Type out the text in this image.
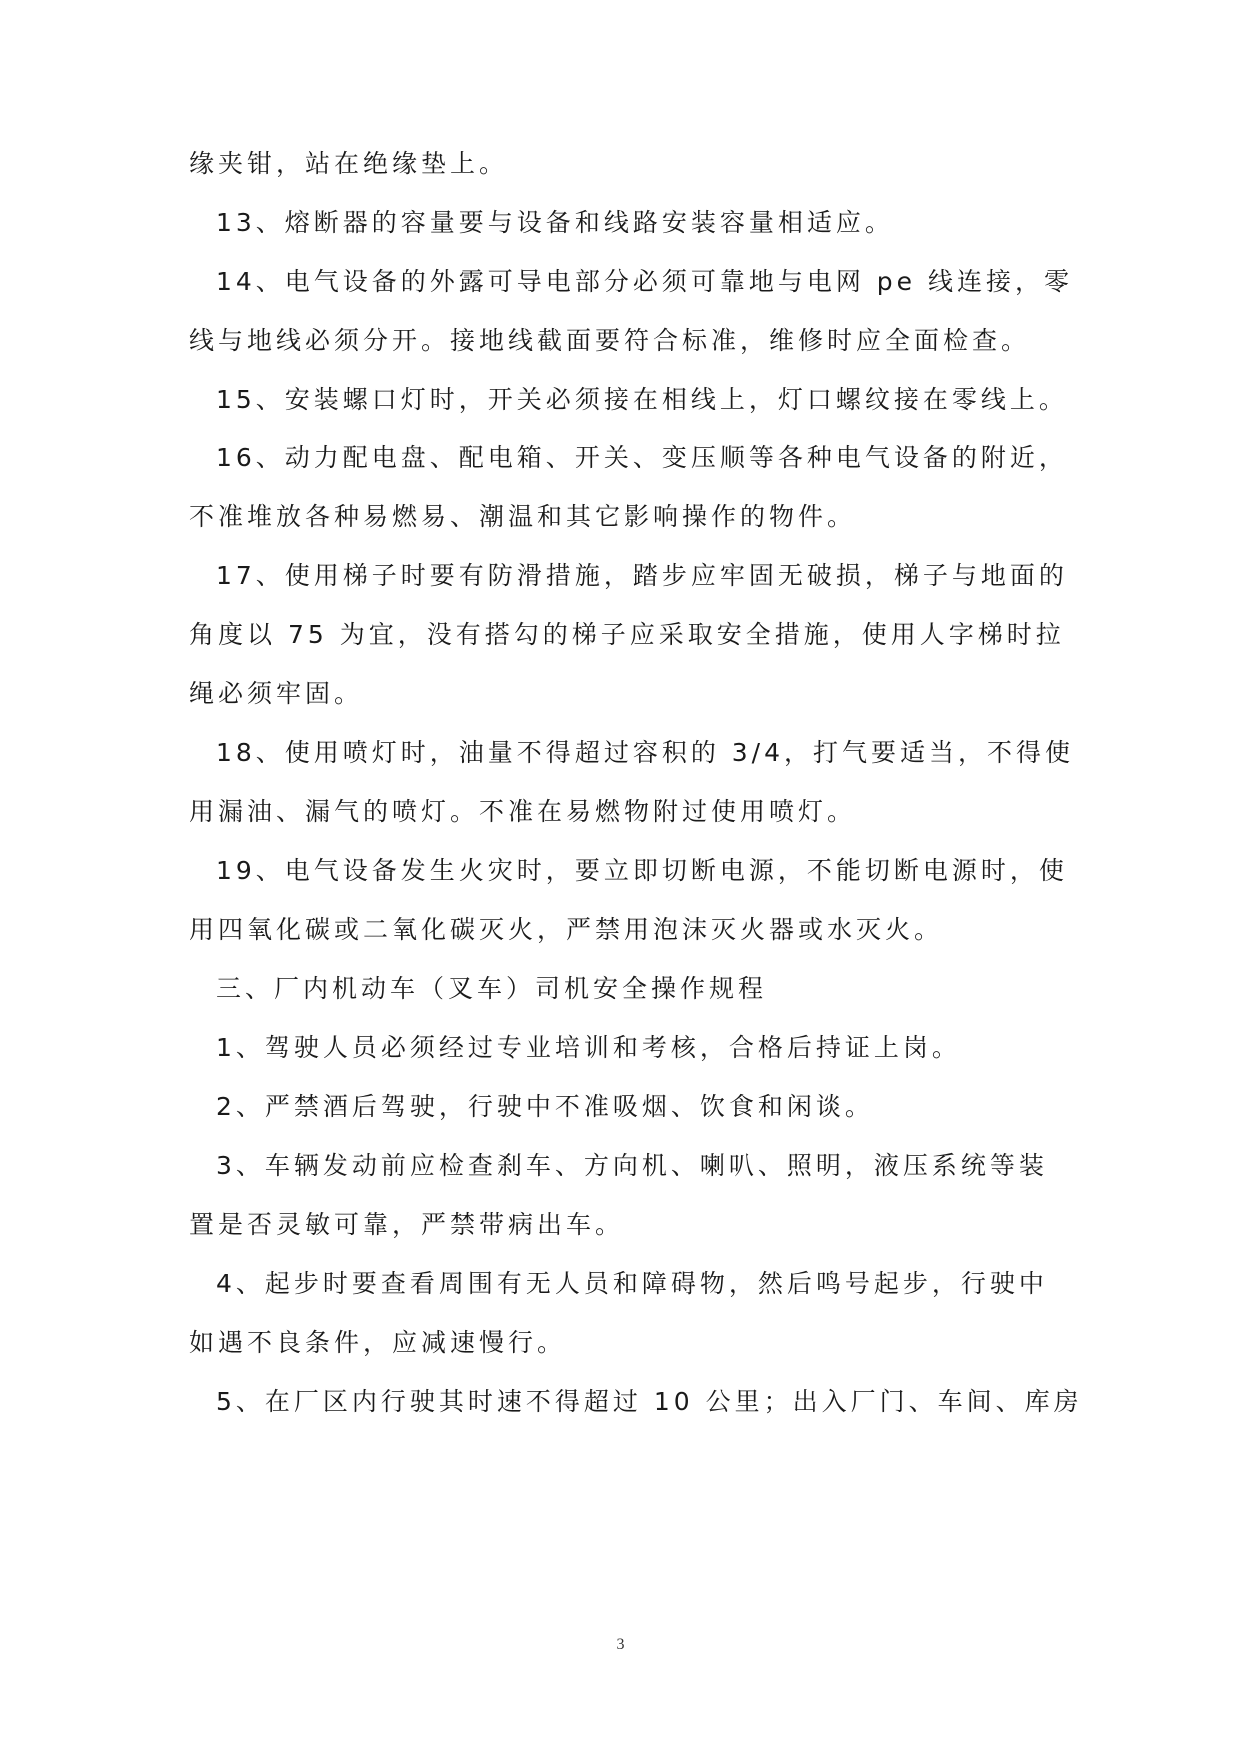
缘夹钳，站在绝缘垫上。
13、熔断器的容量要与设备和线路安装容量相适应。
14、电气设备的外露可导电部分必须可靠地与电网 pe 线连接，零
线与地线必须分开。接地线截面要符合标准，维修时应全面检查。
15、安装螺口灯时，开关必须接在相线上，灯口螺纹接在零线上。
16、动力配电盘、配电箱、开关、变压顺等各种电气设备的附近，
不准堆放各种易燃易、潮温和其它影响操作的物件。
17、使用梯子时要有防滑措施，踏步应牢固无破损，梯子与地面的
角度以 75 为宜，没有搭勾的梯子应采取安全措施，使用人字梯时拉
绳必须牢固。
18、使用喷灯时，油量不得超过容积的 3/4，打气要适当，不得使
用漏油、漏气的喷灯。不准在易燃物附过使用喷灯。
19、电气设备发生火灾时，要立即切断电源，不能切断电源时，使
用四氧化碳或二氧化碳灭火，严禁用泡沫灭火器或水灭火。
三、厂内机动车（叉车）司机安全操作规程
1、驾驶人员必须经过专业培训和考核，合格后持证上岗。
2、严禁酒后驾驶，行驶中不准吸烟、饮食和闲谈。
3、车辆发动前应检查刹车、方向机、喇叭、照明，液压系统等装
置是否灵敏可靠，严禁带病出车。
4、起步时要查看周围有无人员和障碍物，然后鸣号起步，行驶中
如遇不良条件，应减速慢行。
5、在厂区内行驶其时速不得超过 10 公里；出入厂门、车间、库房
3
